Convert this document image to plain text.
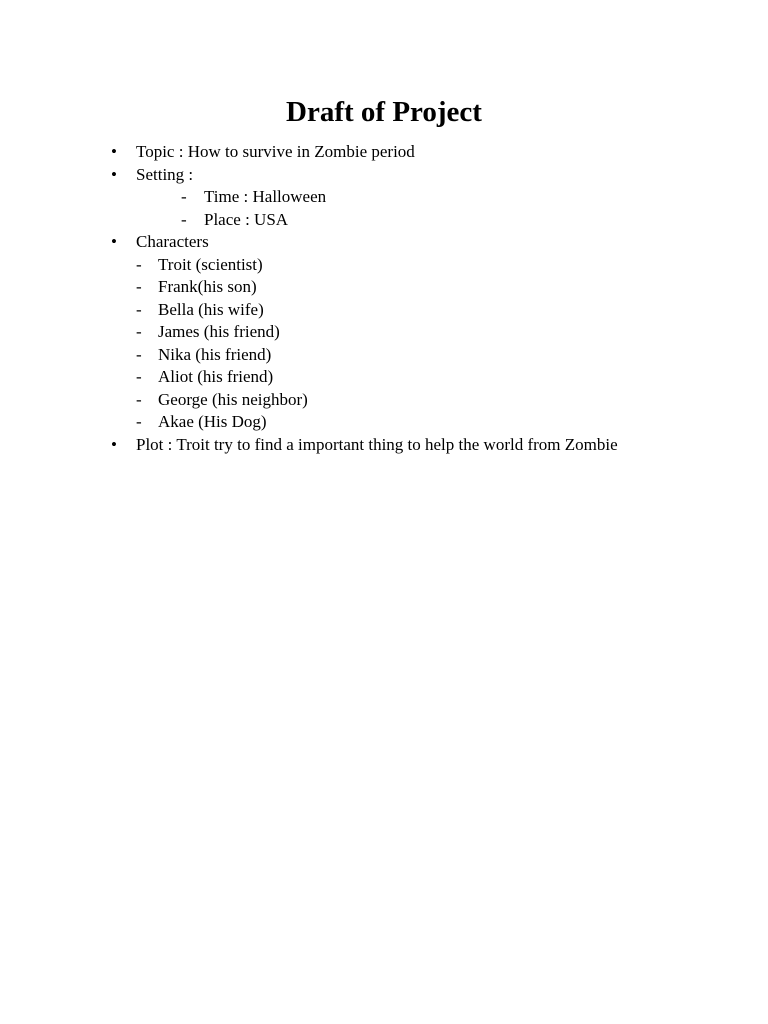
Draft of Project
• Topic : How to survive in Zombie period
• Setting :
- Time : Halloween
- Place : USA
• Characters
- Troit (scientist)
- Frank(his son)
- Bella (his wife)
- James (his friend)
- Nika (his friend)
- Aliot (his friend)
- George (his neighbor)
- Akae (His Dog)
• Plot : Troit try to find a important thing to help the world from Zombie
